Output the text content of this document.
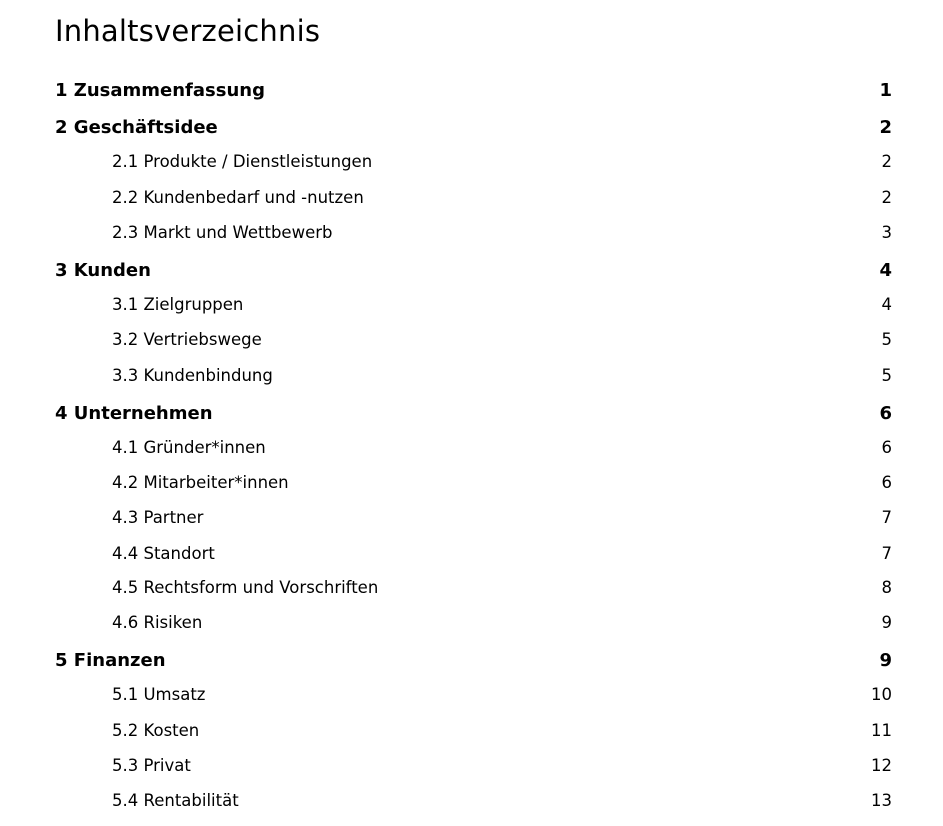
Inhaltsverzeichnis
1 Zusammenfassung	1
2 Geschäftsidee	2
2.1 Produkte / Dienstleistungen	2
2.2 Kundenbedarf und -nutzen	2
2.3 Markt und Wettbewerb	3
3 Kunden	4
3.1 Zielgruppen	4
3.2 Vertriebswege	5
3.3 Kundenbindung	5
4 Unternehmen	6
4.1 Gründer*innen	6
4.2 Mitarbeiter*innen	6
4.3 Partner	7
4.4 Standort	7
4.5 Rechtsform und Vorschriften	8
4.6 Risiken	9
5 Finanzen	9
5.1 Umsatz	10
5.2 Kosten	11
5.3 Privat	12
5.4 Rentabilität	13
